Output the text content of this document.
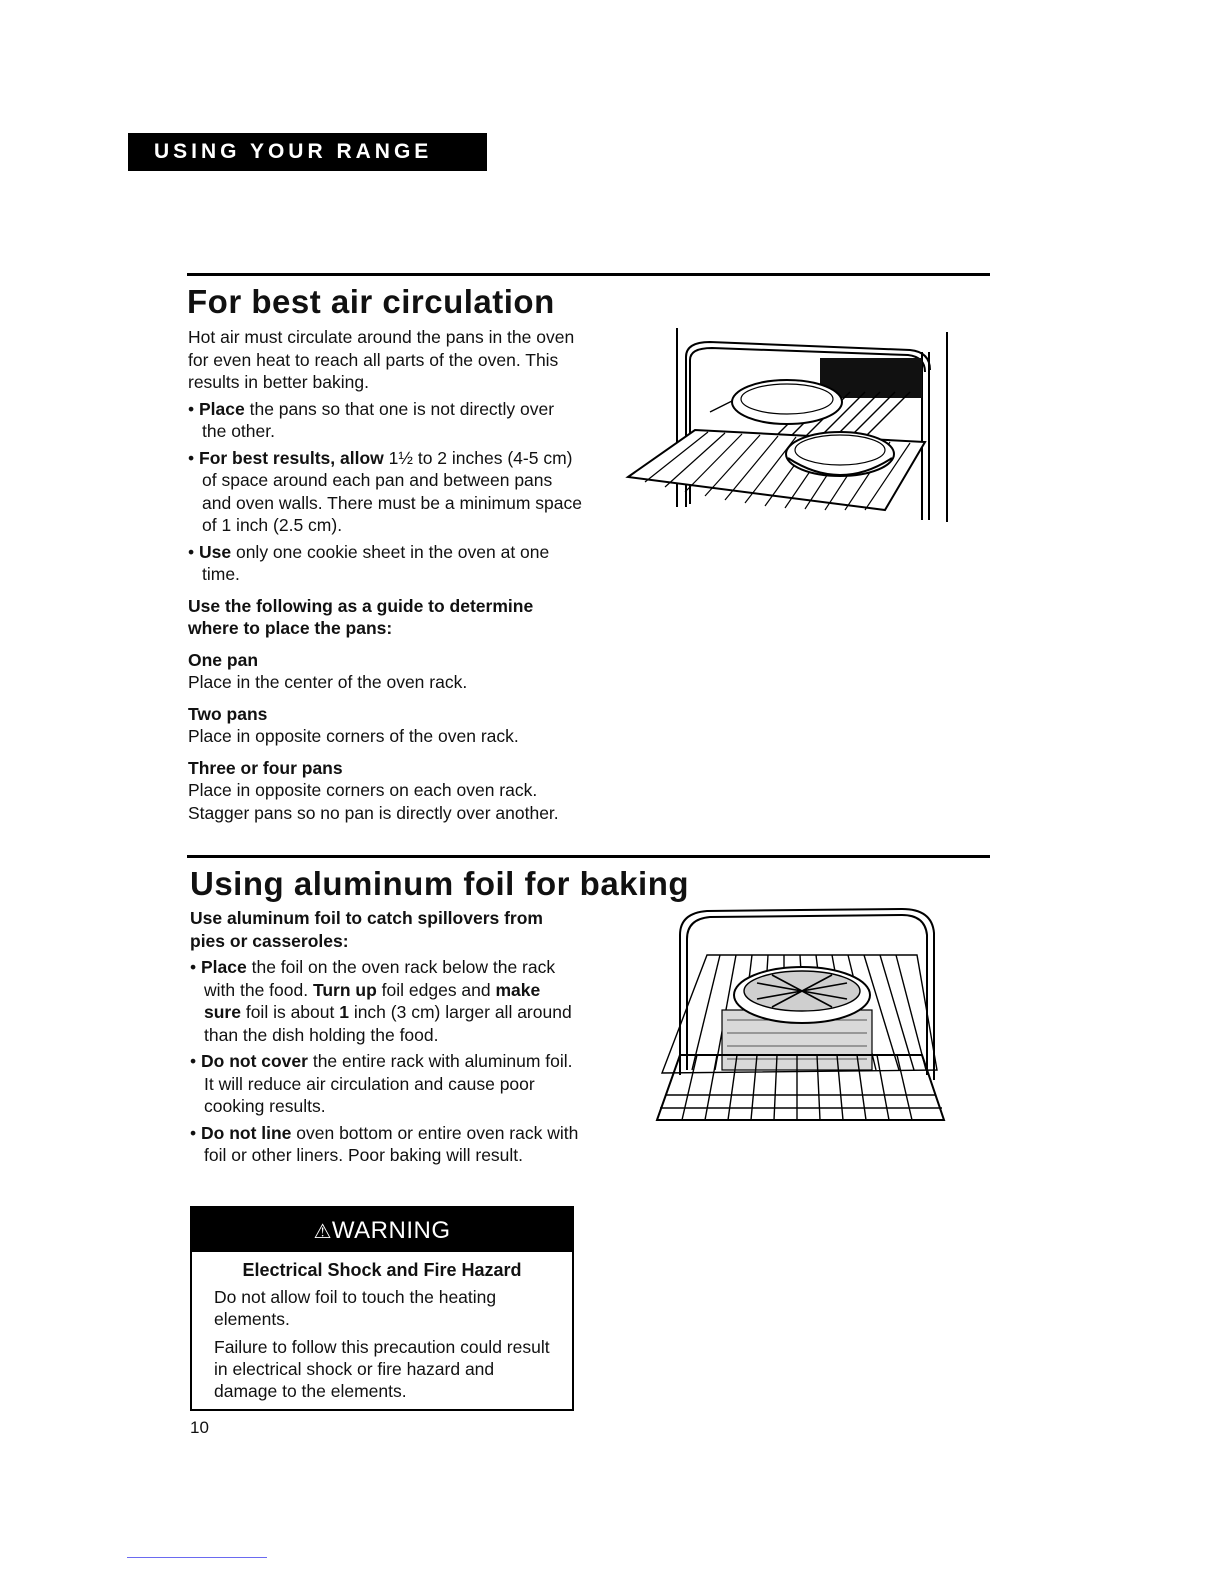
USING YOUR RANGE
For best air circulation

Hot air must circulate around the pans in the oven for even heat to reach all parts of the oven. This results in better baking.

• Place the pans so that one is not directly over the other.

• For best results, allow 1½ to 2 inches (4-5 cm) of space around each pan and between pans and oven walls. There must be a minimum space of 1 inch (2.5 cm).

• Use only one cookie sheet in the oven at one time.

Use the following as a guide to determine where to place the pans:

One pan

Place in the center of the oven rack.

Two pans

Place in opposite corners of the oven rack.

Three or four pans

Place in opposite corners on each oven rack. Stagger pans so no pan is directly over another.

Using aluminum foil for baking

Use aluminum foil to catch spillovers from pies or casseroles:

• Place the foil on the oven rack below the rack with the food. Turn up foil edges and make sure foil is about 1 inch (3 cm) larger all around than the dish holding the food.

• Do not cover the entire rack with aluminum foil. It will reduce air circulation and cause poor cooking results.

• Do not line oven bottom or entire oven rack with foil or other liners. Poor baking will result.

⚠WARNING
Electrical Shock and Fire Hazard

Do not allow foil to touch the heating elements.

Failure to follow this precaution could result in electrical shock or fire hazard and damage to the elements.

10
